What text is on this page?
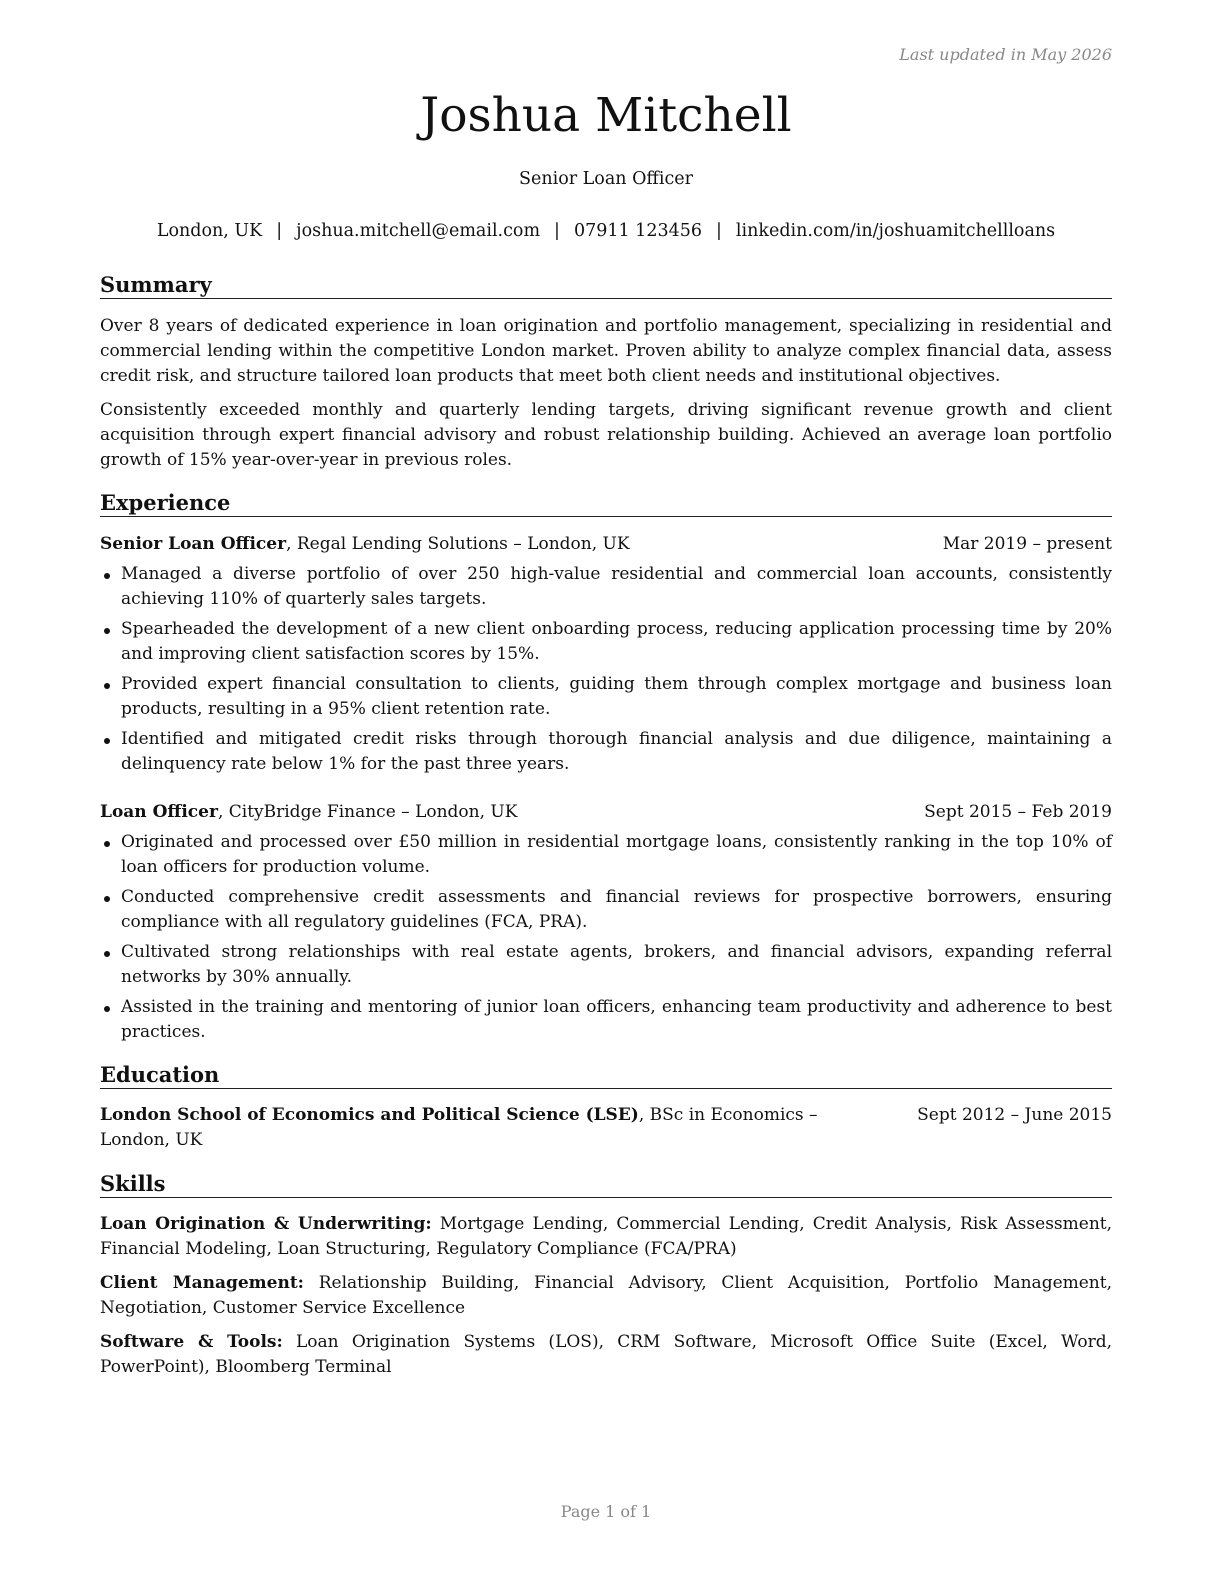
Last updated in May 2026
Joshua Mitchell
Senior Loan Officer
London, UK | joshua.mitchell@email.com | 07911 123456 | linkedin.com/in/joshuamitchellloans
Summary

Over 8 years of dedicated experience in loan origination and portfolio management, specializing in residential and commercial lending within the competitive London market. Proven ability to analyze complex financial data, assess credit risk, and structure tailored loan products that meet both client needs and institutional objectives.

Consistently exceeded monthly and quarterly lending targets, driving significant revenue growth and client acquisition through expert financial advisory and robust relationship building. Achieved an average loan portfolio growth of 15% year-over-year in previous roles.

Experience
Senior Loan Officer, Regal Lending Solutions – London, UK	Mar 2019 – present
Managed a diverse portfolio of over 250 high-value residential and commercial loan accounts, consistently achieving 110% of quarterly sales targets.
Spearheaded the development of a new client onboarding process, reducing application processing time by 20% and improving client satisfaction scores by 15%.
Provided expert financial consultation to clients, guiding them through complex mortgage and business loan products, resulting in a 95% client retention rate.
Identified and mitigated credit risks through thorough financial analysis and due diligence, maintaining a delinquency rate below 1% for the past three years.
Loan Officer, CityBridge Finance – London, UK	Sept 2015 – Feb 2019
Originated and processed over £50 million in residential mortgage loans, consistently ranking in the top 10% of loan officers for production volume.
Conducted comprehensive credit assessments and financial reviews for prospective borrowers, ensuring compliance with all regulatory guidelines (FCA, PRA).
Cultivated strong relationships with real estate agents, brokers, and financial advisors, expanding referral networks by 30% annually.
Assisted in the training and mentoring of junior loan officers, enhancing team productivity and adherence to best practices.
Education
London School of Economics and Political Science (LSE), BSc in Economics – London, UK
Sept 2012 – June 2015
Skills
Loan Origination & Underwriting: Mortgage Lending, Commercial Lending, Credit Analysis, Risk Assessment, Financial Modeling, Loan Structuring, Regulatory Compliance (FCA/PRA)
Client Management: Relationship Building, Financial Advisory, Client Acquisition, Portfolio Management, Negotiation, Customer Service Excellence
Software & Tools: Loan Origination Systems (LOS), CRM Software, Microsoft Office Suite (Excel, Word, PowerPoint), Bloomberg Terminal
Page 1 of 1
